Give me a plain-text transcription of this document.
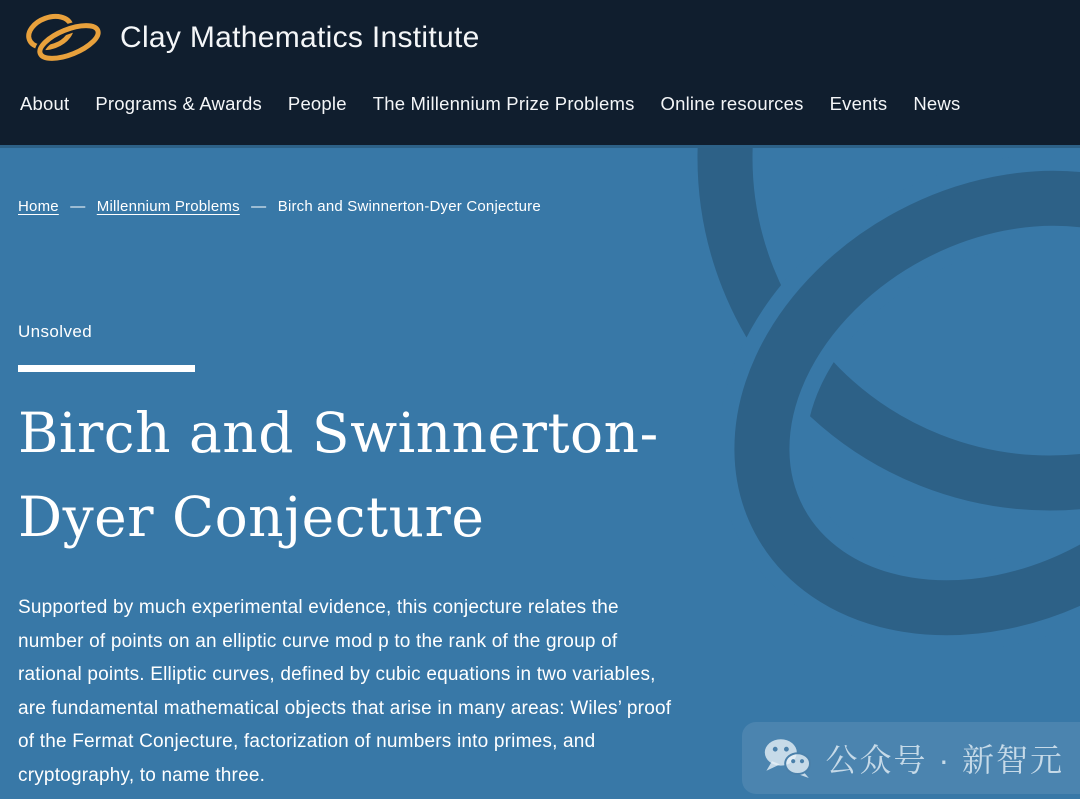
Clay Mathematics Institute
About Programs & Awards People The Millennium Prize Problems Online resources Events News
Home — Millennium Problems — Birch and Swinnerton-Dyer Conjecture
Unsolved
Birch and Swinnerton-Dyer Conjecture

Supported by much experimental evidence, this conjecture relates the number of points on an elliptic curve mod p to the rank of the group of rational points. Elliptic curves, defined by cubic equations in two variables, are fundamental mathematical objects that arise in many areas: Wiles’ proof of the Fermat Conjecture, factorization of numbers into primes, and cryptography, to name three.	公众号 · 新智元
